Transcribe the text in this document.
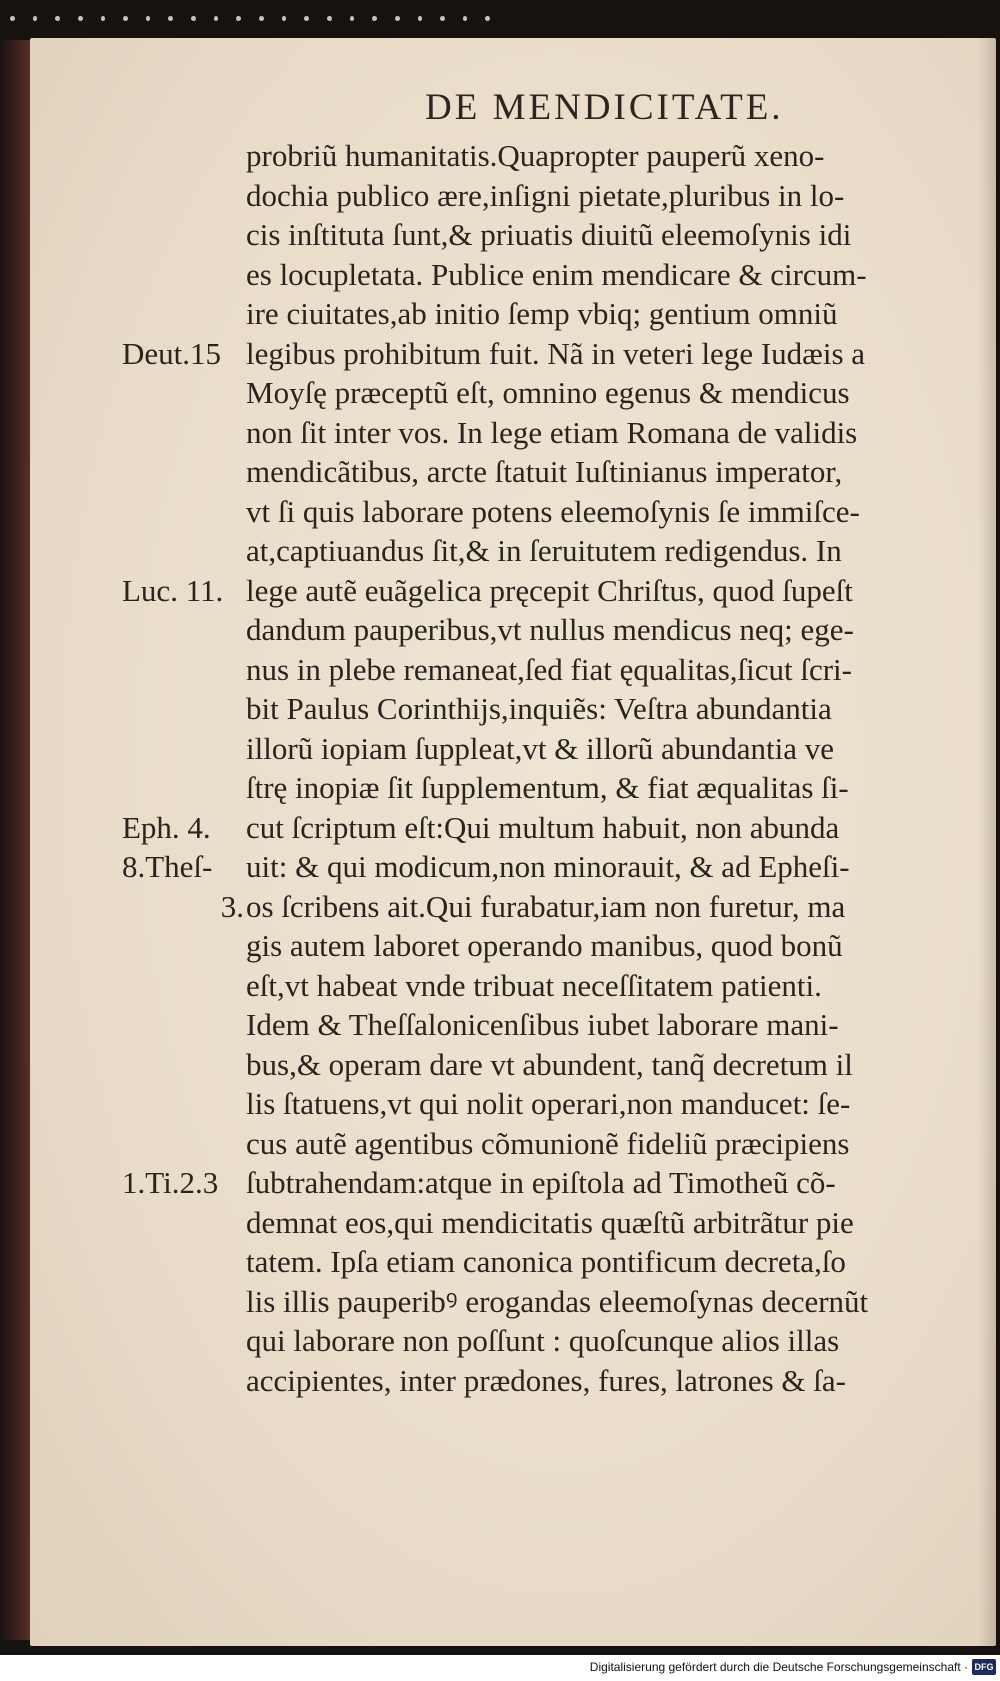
DE MENDICITATE.
Deut.15
Luc. 11.
Eph. 4.
8.Theſ-
3.
1.Ti.2.3
probriũ humanitatis.Quapropter pauperũ xeno-
dochia publico ære,inſigni pietate,pluribus in lo-
cis inſtituta ſunt,& priuatis diuitũ eleemoſynis idi
es locupletata. Publice enim mendicare & circum-
ire ciuitates,ab initio ſemp vbiq; gentium omniũ
legibus prohibitum fuit. Nã in veteri lege Iudæis a
Moyſę præceptũ eſt, omnino egenus & mendicus
non ſit inter vos. In lege etiam Romana de validis
mendicãtibus, arcte ſtatuit Iuſtinianus imperator,
vt ſi quis laborare potens eleemoſynis ſe immiſce-
at,captiuandus ſit,& in ſeruitutem redigendus. In
lege autẽ euãgelica pręcepit Chriſtus, quod ſupeſt
dandum pauperibus,vt nullus mendicus neq; ege-
nus in plebe remaneat,ſed fiat ęqualitas,ſicut ſcri-
bit Paulus Corinthijs,inquiẽs: Veſtra abundantia
illorũ iopiam ſuppleat,vt & illorũ abundantia ve
ſtrę inopiæ ſit ſupplementum, & fiat æqualitas ſi-
cut ſcriptum eſt:Qui multum habuit, non abunda
uit: & qui modicum,non minorauit, & ad Epheſi-
os ſcribens ait.Qui furabatur,iam non furetur, ma
gis autem laboret operando manibus, quod bonũ
eſt,vt habeat vnde tribuat neceſſitatem patienti.
Idem & Theſſalonicenſibus iubet laborare mani-
bus,& operam dare vt abundent, tanq̃ decretum il
lis ſtatuens,vt qui nolit operari,non manducet: ſe-
cus autẽ agentibus cõmunionẽ fideliũ præcipiens
ſubtrahendam:atque in epiſtola ad Timotheũ cõ-
demnat eos,qui mendicitatis quæſtũ arbitrãtur pie
tatem. Ipſa etiam canonica pontificum decreta,ſo
lis illis pauperibꝰ erogandas eleemoſynas decernũt
qui laborare non poſſunt : quoſcunque alios illas
accipientes, inter prædones, fures, latrones & ſa-
Digitalisierung gefördert durch die Deutsche Forschungsgemeinschaft · DFG
